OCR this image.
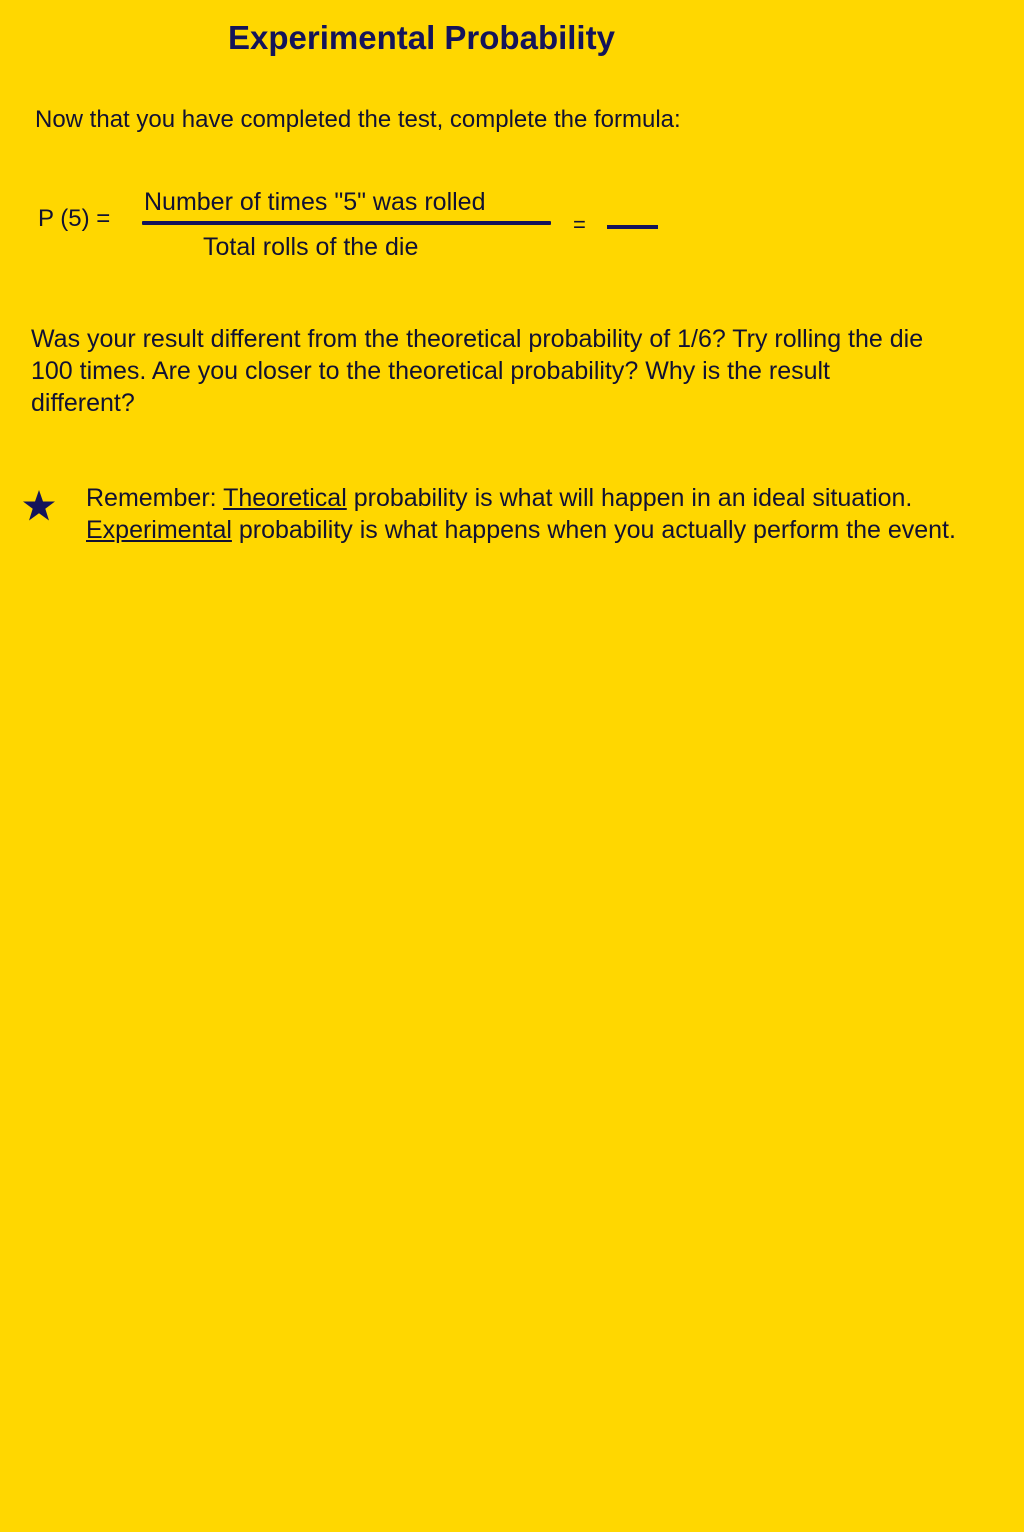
Experimental Probability
Now that you have completed the test, complete the formula:
P (5) =
Number of times "5" was rolled
Total rolls of the die
=
Was your result different from the theoretical probability of 1/6? Try rolling the die 100 times. Are you closer to the theoretical probability? Why is the result different?
Remember: Theoretical probability is what will happen in an ideal situation. Experimental probability is what happens when you actually perform the event.
